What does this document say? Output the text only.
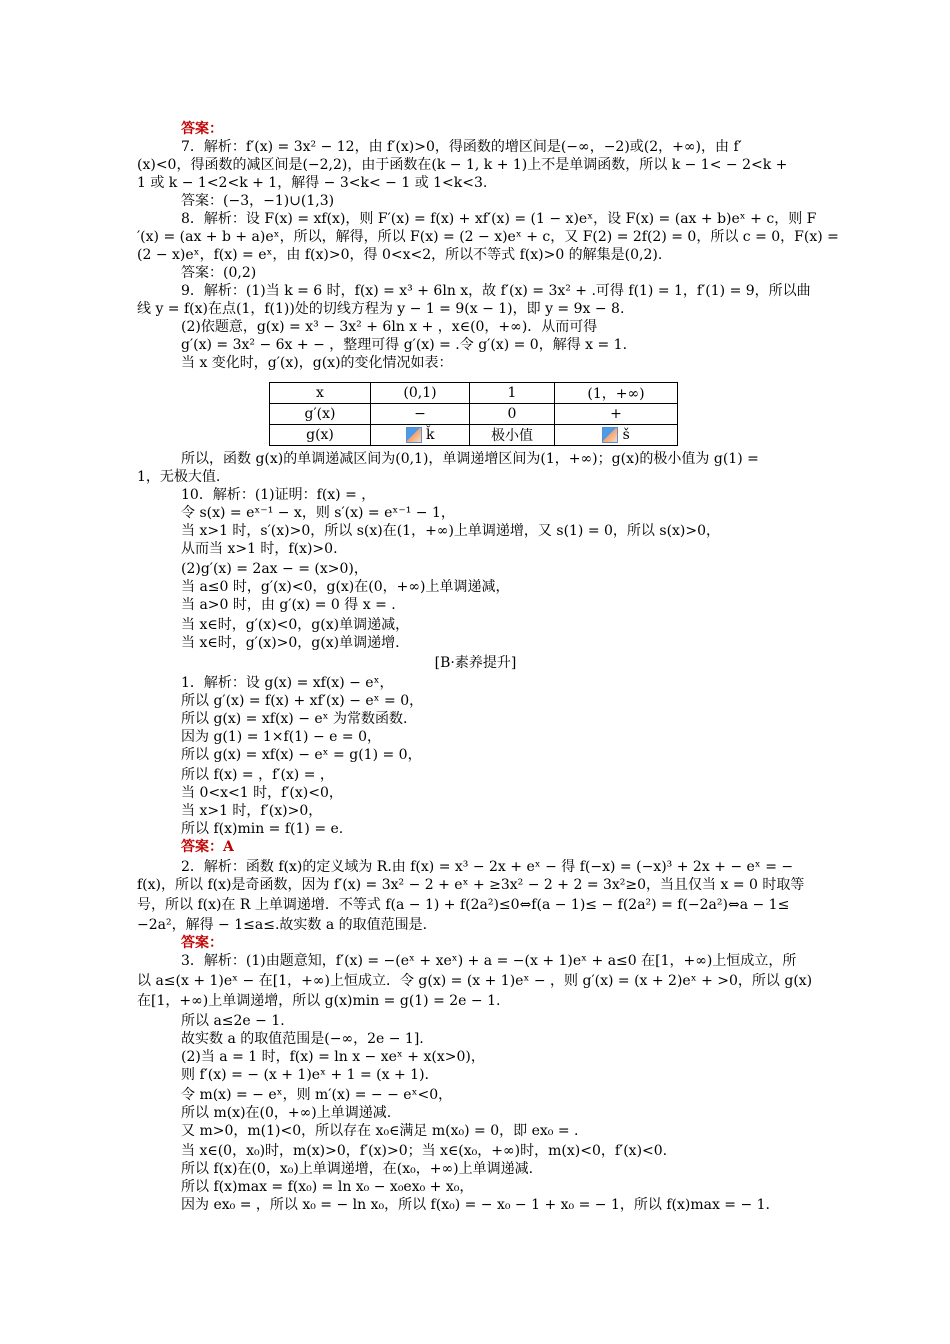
答案：
7．解析：f′(x) = 3x² − 12，由 f′(x)>0，得函数的增区间是(−∞，−2)或(2，+∞)，由 f′
(x)<0，得函数的减区间是(−2,2)，由于函数在(k − 1, k + 1)上不是单调函数，所以 k − 1< − 2<k +
1 或 k − 1<2<k + 1，解得 − 3<k< − 1 或 1<k<3.
答案：(−3，−1)∪(1,3)
8．解析：设 F(x) = xf(x)，则 F′(x) = f(x) + xf′(x) = (1 − x)eˣ，设 F(x) = (ax + b)eˣ + c，则 F
′(x) = (ax + b + a)eˣ，所以，解得，所以 F(x) = (2 − x)eˣ + c，又 F(2) = 2f(2) = 0，所以 c = 0，F(x) =
(2 − x)eˣ，f(x) = eˣ，由 f(x)>0，得 0<x<2，所以不等式 f(x)>0 的解集是(0,2).
答案：(0,2)
9．解析：(1)当 k = 6 时，f(x) = x³ + 6ln x，故 f′(x) = 3x² + .可得 f(1) = 1，f′(1) = 9，所以曲
线 y = f(x)在点(1，f(1))处的切线方程为 y − 1 = 9(x − 1)，即 y = 9x − 8.
(2)依题意，g(x) = x³ − 3x² + 6ln x + ，x∈(0，+∞)．从而可得
g′(x) = 3x² − 6x + − ，整理可得 g′(x) = .令 g′(x) = 0，解得 x = 1.
当 x 变化时，g′(x)，g(x)的变化情况如表：
x	(0,1)	1	(1，+∞)
g′(x)	−	0	+
g(x)	ǩ	极小值	š
所以，函数 g(x)的单调递减区间为(0,1)，单调递增区间为(1，+∞)；g(x)的极小值为 g(1) =
1，无极大值.
10．解析：(1)证明：f(x) = ，
令 s(x) = eˣ⁻¹ − x，则 s′(x) = eˣ⁻¹ − 1，
当 x>1 时，s′(x)>0，所以 s(x)在(1，+∞)上单调递增，又 s(1) = 0，所以 s(x)>0，
从而当 x>1 时，f(x)>0.
(2)g′(x) = 2ax − = (x>0)，
当 a≤0 时，g′(x)<0，g(x)在(0，+∞)上单调递减，
当 a>0 时，由 g′(x) = 0 得 x = .
当 x∈时，g′(x)<0，g(x)单调递减，
当 x∈时，g′(x)>0，g(x)单调递增.
[B·素养提升]
1．解析：设 g(x) = xf(x) − eˣ，
所以 g′(x) = f(x) + xf′(x) − eˣ = 0，
所以 g(x) = xf(x) − eˣ 为常数函数.
因为 g(1) = 1×f(1) − e = 0，
所以 g(x) = xf(x) − eˣ = g(1) = 0，
所以 f(x) = ，f′(x) = ，
当 0<x<1 时，f′(x)<0，
当 x>1 时，f′(x)>0，
所以 f(x)min = f(1) = e.
答案：A
2．解析：函数 f(x)的定义域为 R.由 f(x) = x³ − 2x + eˣ − 得 f(−x) = (−x)³ + 2x + − eˣ = −
f(x)，所以 f(x)是奇函数，因为 f′(x) = 3x² − 2 + eˣ + ≥3x² − 2 + 2 = 3x²≥0，当且仅当 x = 0 时取等
号，所以 f(x)在 R 上单调递增．不等式 f(a − 1) + f(2a²)≤0⇔f(a − 1)≤ − f(2a²) = f(−2a²)⇔a − 1≤
−2a²，解得 − 1≤a≤.故实数 a 的取值范围是.
答案：
3．解析：(1)由题意知，f′(x) = −(eˣ + xeˣ) + a = −(x + 1)eˣ + a≤0 在[1，+∞)上恒成立，所
以 a≤(x + 1)eˣ − 在[1，+∞)上恒成立．令 g(x) = (x + 1)eˣ − ，则 g′(x) = (x + 2)eˣ + >0，所以 g(x)
在[1，+∞)上单调递增，所以 g(x)min = g(1) = 2e − 1.
所以 a≤2e − 1.
故实数 a 的取值范围是(−∞，2e − 1].
(2)当 a = 1 时，f(x) = ln x − xeˣ + x(x>0)，
则 f′(x) = − (x + 1)eˣ + 1 = (x + 1).
令 m(x) = − eˣ，则 m′(x) = − − eˣ<0，
所以 m(x)在(0，+∞)上单调递减.
又 m>0，m(1)<0，所以存在 x₀∈满足 m(x₀) = 0，即 ex₀ = .
当 x∈(0，x₀)时，m(x)>0，f′(x)>0；当 x∈(x₀，+∞)时，m(x)<0，f′(x)<0.
所以 f(x)在(0，x₀)上单调递增，在(x₀，+∞)上单调递减.
所以 f(x)max = f(x₀) = ln x₀ − x₀ex₀ + x₀，
因为 ex₀ = ，所以 x₀ = − ln x₀，所以 f(x₀) = − x₀ − 1 + x₀ = − 1，所以 f(x)max = − 1.
